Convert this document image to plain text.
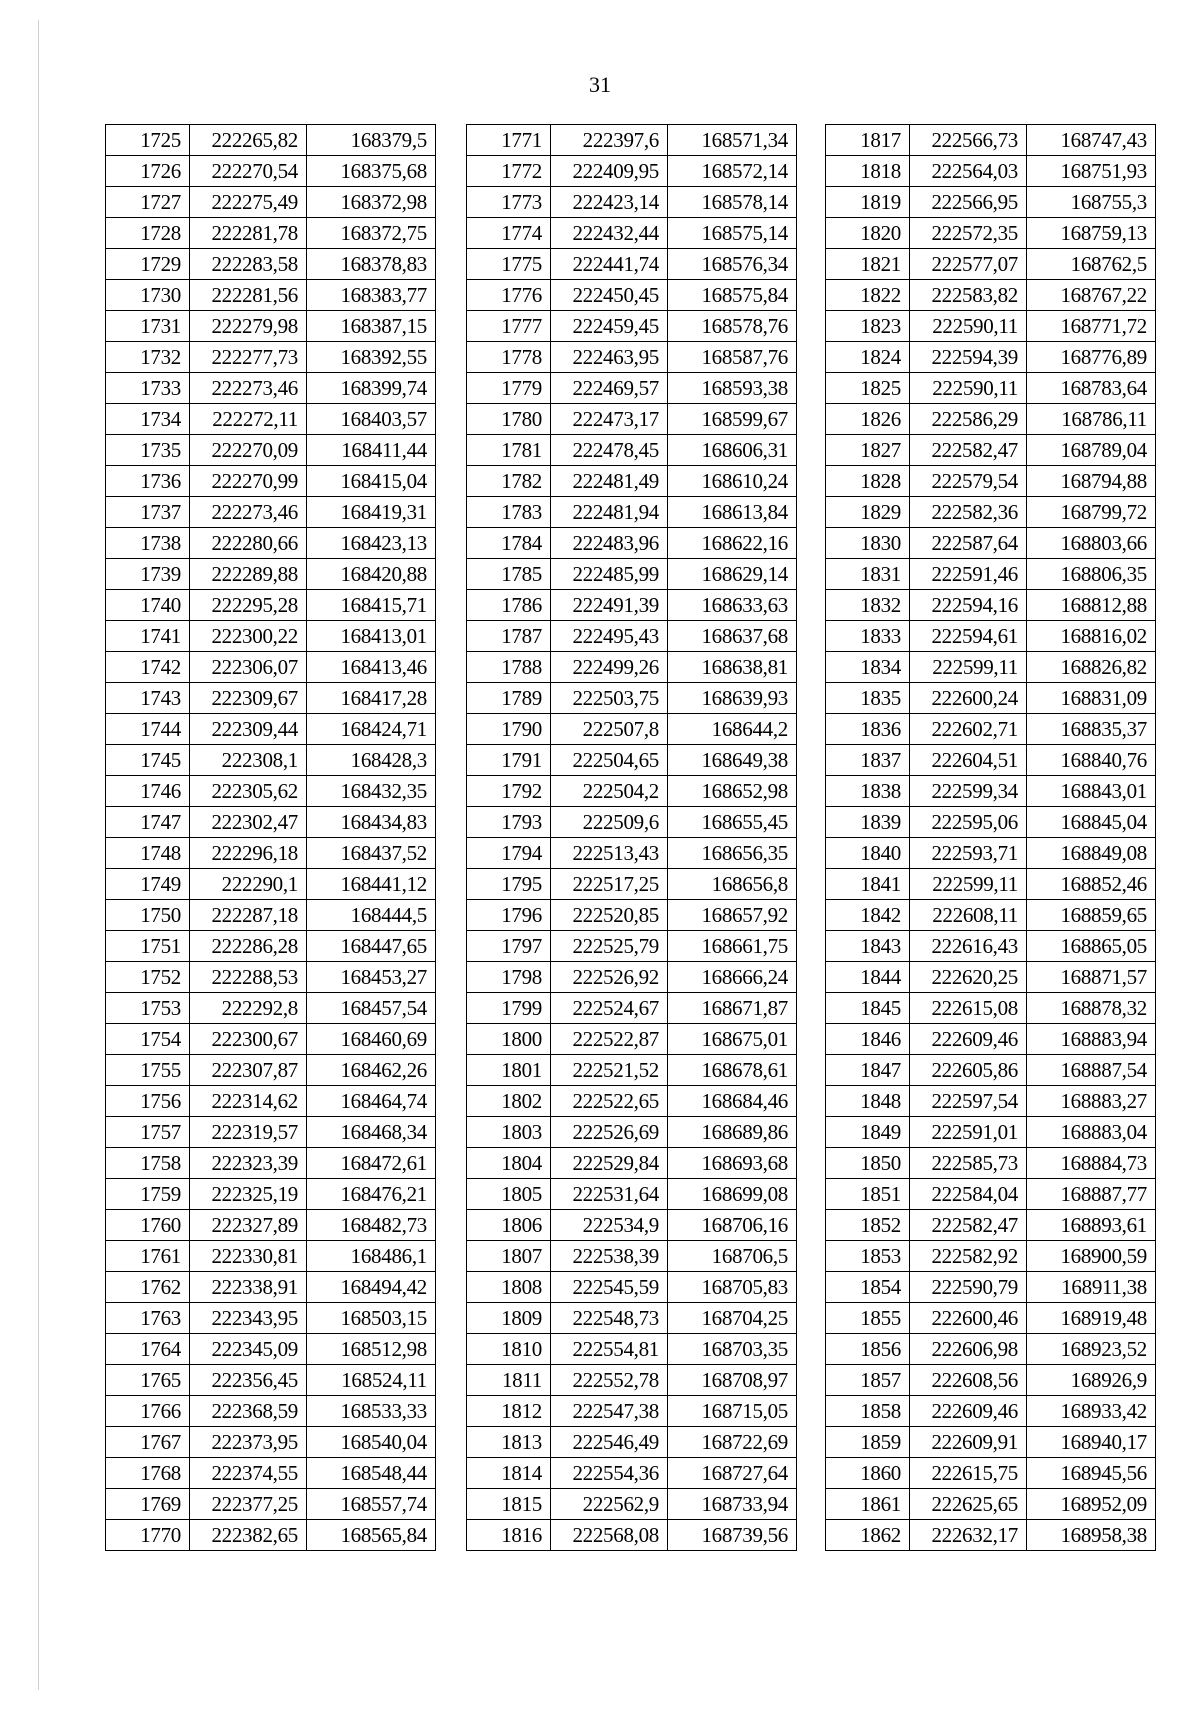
31
1725	222265,82	168379,5
1726	222270,54	168375,68
1727	222275,49	168372,98
1728	222281,78	168372,75
1729	222283,58	168378,83
1730	222281,56	168383,77
1731	222279,98	168387,15
1732	222277,73	168392,55
1733	222273,46	168399,74
1734	222272,11	168403,57
1735	222270,09	168411,44
1736	222270,99	168415,04
1737	222273,46	168419,31
1738	222280,66	168423,13
1739	222289,88	168420,88
1740	222295,28	168415,71
1741	222300,22	168413,01
1742	222306,07	168413,46
1743	222309,67	168417,28
1744	222309,44	168424,71
1745	222308,1	168428,3
1746	222305,62	168432,35
1747	222302,47	168434,83
1748	222296,18	168437,52
1749	222290,1	168441,12
1750	222287,18	168444,5
1751	222286,28	168447,65
1752	222288,53	168453,27
1753	222292,8	168457,54
1754	222300,67	168460,69
1755	222307,87	168462,26
1756	222314,62	168464,74
1757	222319,57	168468,34
1758	222323,39	168472,61
1759	222325,19	168476,21
1760	222327,89	168482,73
1761	222330,81	168486,1
1762	222338,91	168494,42
1763	222343,95	168503,15
1764	222345,09	168512,98
1765	222356,45	168524,11
1766	222368,59	168533,33
1767	222373,95	168540,04
1768	222374,55	168548,44
1769	222377,25	168557,74
1770	222382,65	168565,84
1771	222397,6	168571,34
1772	222409,95	168572,14
1773	222423,14	168578,14
1774	222432,44	168575,14
1775	222441,74	168576,34
1776	222450,45	168575,84
1777	222459,45	168578,76
1778	222463,95	168587,76
1779	222469,57	168593,38
1780	222473,17	168599,67
1781	222478,45	168606,31
1782	222481,49	168610,24
1783	222481,94	168613,84
1784	222483,96	168622,16
1785	222485,99	168629,14
1786	222491,39	168633,63
1787	222495,43	168637,68
1788	222499,26	168638,81
1789	222503,75	168639,93
1790	222507,8	168644,2
1791	222504,65	168649,38
1792	222504,2	168652,98
1793	222509,6	168655,45
1794	222513,43	168656,35
1795	222517,25	168656,8
1796	222520,85	168657,92
1797	222525,79	168661,75
1798	222526,92	168666,24
1799	222524,67	168671,87
1800	222522,87	168675,01
1801	222521,52	168678,61
1802	222522,65	168684,46
1803	222526,69	168689,86
1804	222529,84	168693,68
1805	222531,64	168699,08
1806	222534,9	168706,16
1807	222538,39	168706,5
1808	222545,59	168705,83
1809	222548,73	168704,25
1810	222554,81	168703,35
1811	222552,78	168708,97
1812	222547,38	168715,05
1813	222546,49	168722,69
1814	222554,36	168727,64
1815	222562,9	168733,94
1816	222568,08	168739,56
1817	222566,73	168747,43
1818	222564,03	168751,93
1819	222566,95	168755,3
1820	222572,35	168759,13
1821	222577,07	168762,5
1822	222583,82	168767,22
1823	222590,11	168771,72
1824	222594,39	168776,89
1825	222590,11	168783,64
1826	222586,29	168786,11
1827	222582,47	168789,04
1828	222579,54	168794,88
1829	222582,36	168799,72
1830	222587,64	168803,66
1831	222591,46	168806,35
1832	222594,16	168812,88
1833	222594,61	168816,02
1834	222599,11	168826,82
1835	222600,24	168831,09
1836	222602,71	168835,37
1837	222604,51	168840,76
1838	222599,34	168843,01
1839	222595,06	168845,04
1840	222593,71	168849,08
1841	222599,11	168852,46
1842	222608,11	168859,65
1843	222616,43	168865,05
1844	222620,25	168871,57
1845	222615,08	168878,32
1846	222609,46	168883,94
1847	222605,86	168887,54
1848	222597,54	168883,27
1849	222591,01	168883,04
1850	222585,73	168884,73
1851	222584,04	168887,77
1852	222582,47	168893,61
1853	222582,92	168900,59
1854	222590,79	168911,38
1855	222600,46	168919,48
1856	222606,98	168923,52
1857	222608,56	168926,9
1858	222609,46	168933,42
1859	222609,91	168940,17
1860	222615,75	168945,56
1861	222625,65	168952,09
1862	222632,17	168958,38
